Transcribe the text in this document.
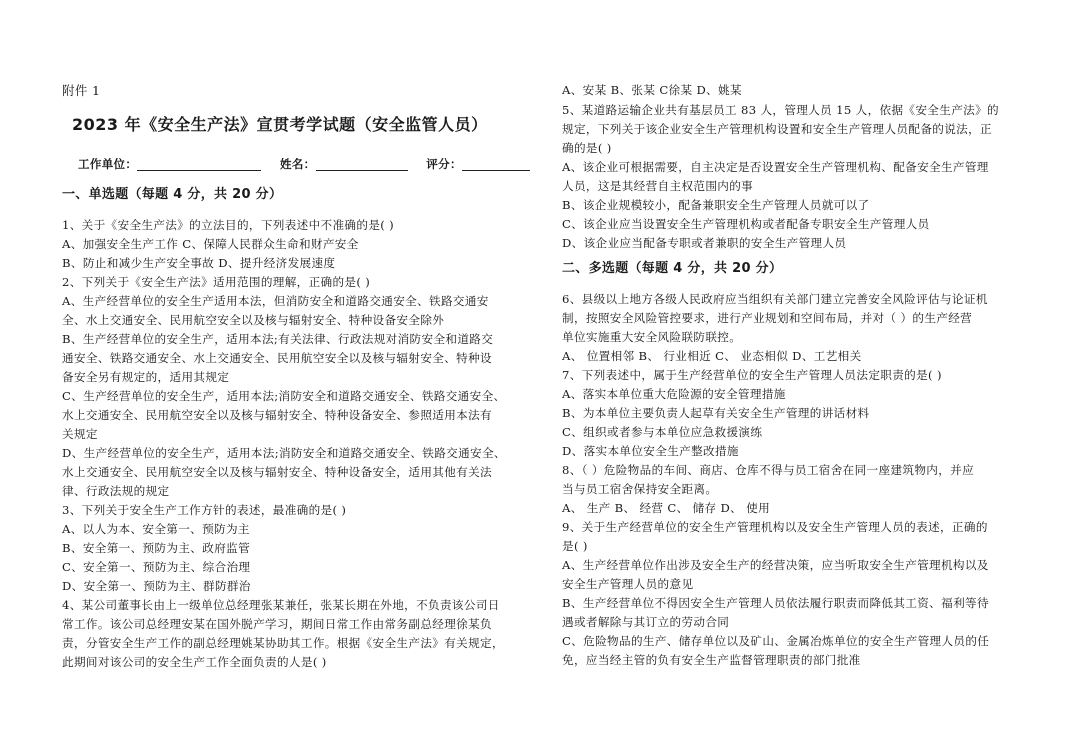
附件 1
2023 年《安全生产法》宣贯考学试题（安全监管人员）
工作单位：	姓名：	评分：
一、单选题（每题 4 分，共 20 分）
1、关于《安全生产法》的立法目的，下列表述中不准确的是( )
A、加强安全生产工作 C、保障人民群众生命和财产安全
B、防止和减少生产安全事故 D、提升经济发展速度
2、下列关于《安全生产法》适用范围的理解，正确的是( )
A、生产经营单位的安全生产适用本法，但消防安全和道路交通安全、铁路交通安
全、水上交通安全、民用航空安全以及核与辐射安全、特种设备安全除外
B、生产经营单位的安全生产，适用本法;有关法律、行政法规对消防安全和道路交
通安全、铁路交通安全、水上交通安全、民用航空安全以及核与辐射安全、特种设
备安全另有规定的，适用其规定
C、生产经营单位的安全生产，适用本法;消防安全和道路交通安全、铁路交通安全、
水上交通安全、民用航空安全以及核与辐射安全、特种设备安全、参照适用本法有
关规定
D、生产经营单位的安全生产，适用本法;消防安全和道路交通安全、铁路交通安全、
水上交通安全、民用航空安全以及核与辐射安全、特种设备安全，适用其他有关法
律、行政法规的规定
3、下列关于安全生产工作方针的表述，最准确的是( )
A、以人为本、安全第一、预防为主
B、安全第一、预防为主、政府监管
C、安全第一、预防为主、综合治理
D、安全第一、预防为主、群防群治
4、某公司董事长由上一级单位总经理张某兼任，张某长期在外地，不负责该公司日
常工作。该公司总经理安某在国外脱产学习，期间日常工作由常务副总经理徐某负
责，分管安全生产工作的副总经理姚某协助其工作。根据《安全生产法》有关规定，
此期间对该公司的安全生产工作全面负责的人是( )
A、安某 B、张某 C徐某 D、姚某
5、某道路运输企业共有基层员工 83 人，管理人员 15 人，依据《安全生产法》的
规定，下列关于该企业安全生产管理机构设置和安全生产管理人员配备的说法，正
确的是( )
A、该企业可根据需要，自主决定是否设置安全生产管理机构、配备安全生产管理
人员，这是其经营自主权范围内的事
B、该企业规模较小，配备兼职安全生产管理人员就可以了
C、该企业应当设置安全生产管理机构或者配备专职安全生产管理人员
D、该企业应当配备专职或者兼职的安全生产管理人员
二、多选题（每题 4 分，共 20 分）
6、县级以上地方各级人民政府应当组织有关部门建立完善安全风险评估与论证机
制，按照安全风险管控要求，进行产业规划和空间布局，并对（ ）的生产经营
单位实施重大安全风险联防联控。
A、 位置相邻 B、 行业相近 C、 业态相似 D、工艺相关
7、下列表述中，属于生产经营单位的安全生产管理人员法定职责的是( )
A、落实本单位重大危险源的安全管理措施
B、为本单位主要负责人起草有关安全生产管理的讲话材料
C、组织或者参与本单位应急救援演练
D、落实本单位安全生产整改措施
8、（ ）危险物品的车间、商店、仓库不得与员工宿舍在同一座建筑物内，并应
当与员工宿舍保持安全距离。
A、 生产 B、 经营 C、 储存 D、 使用
9、关于生产经营单位的安全生产管理机构以及安全生产管理人员的表述，正确的
是( )
A、生产经营单位作出涉及安全生产的经营决策，应当听取安全生产管理机构以及
安全生产管理人员的意见
B、生产经营单位不得因安全生产管理人员依法履行职责而降低其工资、福利等待
遇或者解除与其订立的劳动合同
C、危险物品的生产、储存单位以及矿山、金属冶炼单位的安全生产管理人员的任
免，应当经主管的负有安全生产监督管理职责的部门批准
